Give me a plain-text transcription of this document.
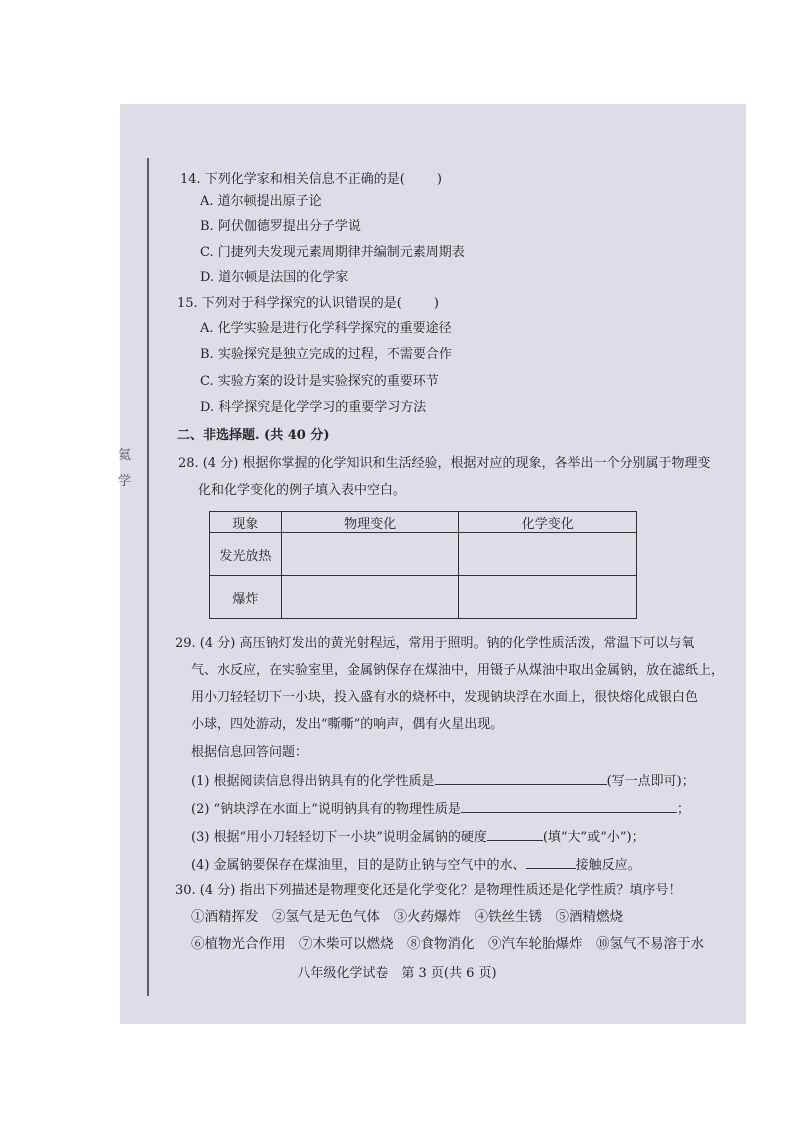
氦
学
14. 下列化学家和相关信息不正确的是( )
A. 道尔顿提出原子论
B. 阿伏伽德罗提出分子学说
C. 门捷列夫发现元素周期律并编制元素周期表
D. 道尔顿是法国的化学家
15. 下列对于科学探究的认识错误的是( )
A. 化学实验是进行化学科学探究的重要途径
B. 实验探究是独立完成的过程，不需要合作
C. 实验方案的设计是实验探究的重要环节
D. 科学探究是化学学习的重要学习方法
二、非选择题. (共 40 分)
28. (4 分) 根据你掌握的化学知识和生活经验，根据对应的现象，各举出一个分别属于物理变
化和化学变化的例子填入表中空白。
现象	物理变化	化学变化
发光放热		
爆炸		
29. (4 分) 高压钠灯发出的黄光射程远，常用于照明。钠的化学性质活泼，常温下可以与氧
气、水反应，在实验室里，金属钠保存在煤油中，用镊子从煤油中取出金属钠，放在滤纸上，
用小刀轻轻切下一小块，投入盛有水的烧杯中，发现钠块浮在水面上，很快熔化成银白色
小球，四处游动，发出“嘶嘶”的响声，偶有火星出现。
根据信息回答问题：
(1) 根据阅读信息得出钠具有的化学性质是	(写一点即可)；
(2) “钠块浮在水面上”说明钠具有的物理性质是	；
(3) 根据“用小刀轻轻切下一小块”说明金属钠的硬度	(填“大”或“小”)；
(4) 金属钠要保存在煤油里，目的是防止钠与空气中的水、	接触反应。
30. (4 分) 指出下列描述是物理变化还是化学变化？是物理性质还是化学性质？填序号！
①酒精挥发　②氢气是无色气体　③火药爆炸　④铁丝生锈　⑤酒精燃烧
⑥植物光合作用　⑦木柴可以燃烧　⑧食物消化　⑨汽车轮胎爆炸　⑩氢气不易溶于水
八年级化学试卷　第 3 页(共 6 页)
